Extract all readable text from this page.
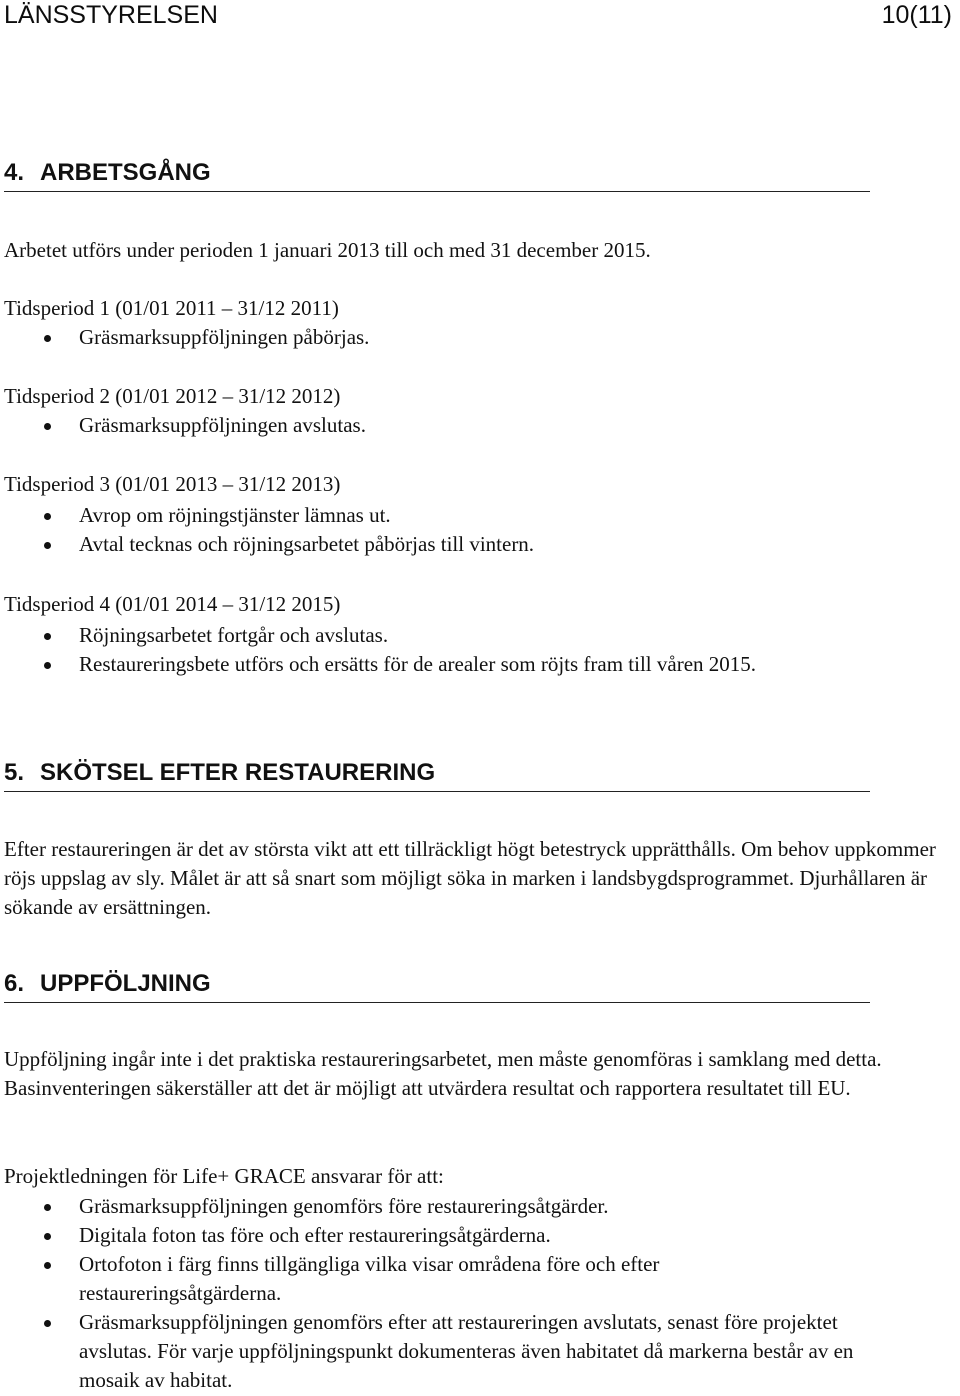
LÄNSSTYRELSEN	10(11)
4. ARBETSGÅNG

Arbetet utförs under perioden 1 januari 2013 till och med 31 december 2015.

Tidsperiod 1 (01/01 2011 – 31/12 2011)

Gräsmarksuppföljningen påbörjas.

Tidsperiod 2 (01/01 2012 – 31/12 2012)

Gräsmarksuppföljningen avslutas.

Tidsperiod 3 (01/01 2013 – 31/12 2013)

Avrop om röjningstjänster lämnas ut.
Avtal tecknas och röjningsarbetet påbörjas till vintern.

Tidsperiod 4 (01/01 2014 – 31/12 2015)

Röjningsarbetet fortgår och avslutas.
Restaureringsbete utförs och ersätts för de arealer som röjts fram till våren 2015.
5. SKÖTSEL EFTER RESTAURERING

Efter restaureringen är det av största vikt att ett tillräckligt högt betestryck upprätthålls. Om behov uppkommer röjs uppslag av sly. Målet är att så snart som möjligt söka in marken i landsbygdsprogrammet. Djurhållaren är sökande av ersättningen.

6. UPPFÖLJNING

Uppföljning ingår inte i det praktiska restaureringsarbetet, men måste genomföras i samklang med detta. Basinventeringen säkerställer att det är möjligt att utvärdera resultat och rapportera resultatet till EU.

Projektledningen för Life+ GRACE ansvarar för att:

Gräsmarksuppföljningen genomförs före restaureringsåtgärder.
Digitala foton tas före och efter restaureringsåtgärderna.
Ortofoton i färg finns tillgängliga vilka visar områdena före och efter restaureringsåtgärderna.
Gräsmarksuppföljningen genomförs efter att restaureringen avslutats, senast före projektet avslutas. För varje uppföljningspunkt dokumenteras även habitatet då markerna består av en mosaik av habitat.
